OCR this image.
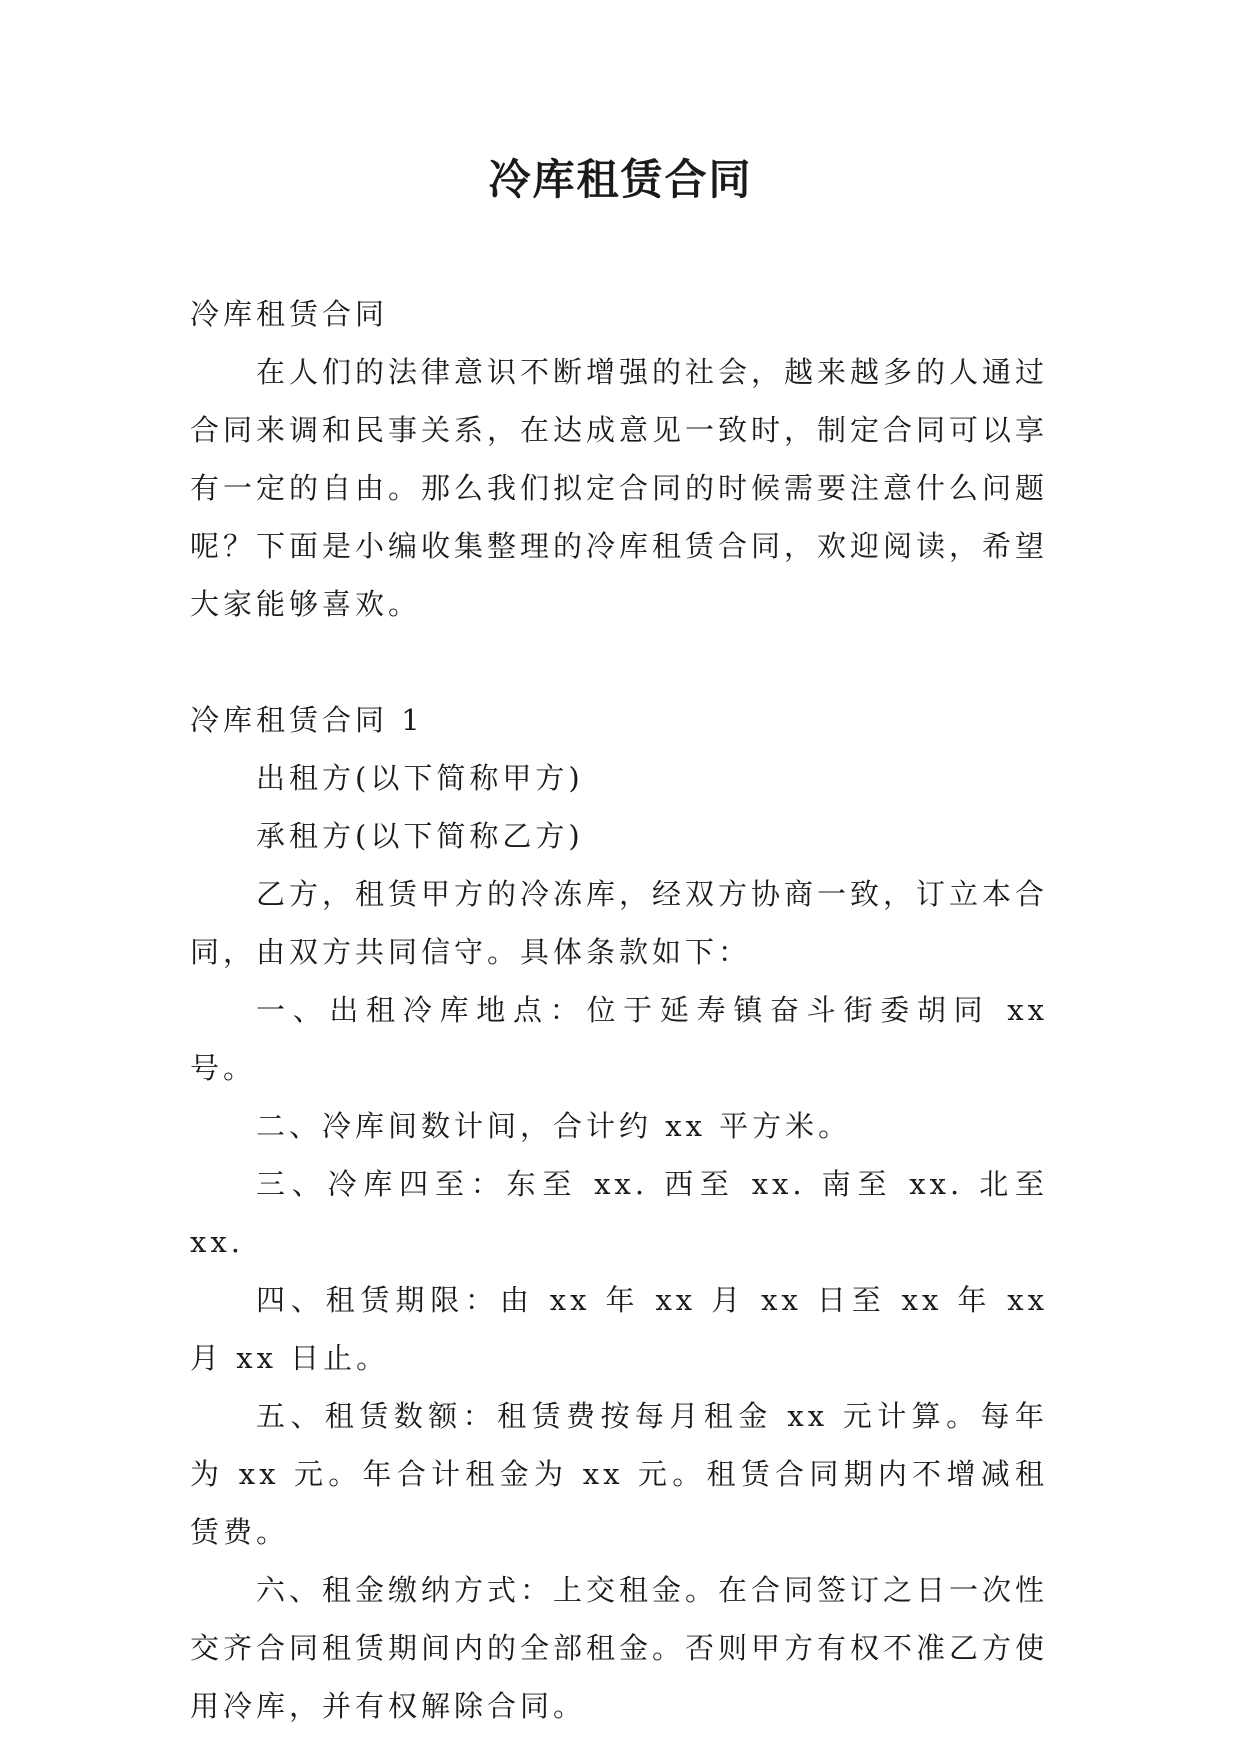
冷库租赁合同

冷库租赁合同

在人们的法律意识不断增强的社会，越来越多的人通过合同来调和民事关系，在达成意见一致时，制定合同可以享有一定的自由。那么我们拟定合同的时候需要注意什么问题呢？下面是小编收集整理的冷库租赁合同，欢迎阅读，希望大家能够喜欢。

冷库租赁合同 1

出租方(以下简称甲方)

承租方(以下简称乙方)

乙方，租赁甲方的冷冻库，经双方协商一致，订立本合同，由双方共同信守。具体条款如下：

一、出租冷库地点：位于延寿镇奋斗街委胡同 xx 号。

二、冷库间数计间，合计约 xx 平方米。

三、冷库四至：东至 xx. 西至 xx. 南至 xx. 北至 xx.

四、租赁期限：由 xx 年 xx 月 xx 日至 xx 年 xx 月 xx 日止。

五、租赁数额：租赁费按每月租金 xx 元计算。每年为 xx 元。年合计租金为 xx 元。租赁合同期内不增减租赁费。

六、租金缴纳方式：上交租金。在合同签订之日一次性交齐合同租赁期间内的全部租金。否则甲方有权不准乙方使用冷库，并有权解除合同。
